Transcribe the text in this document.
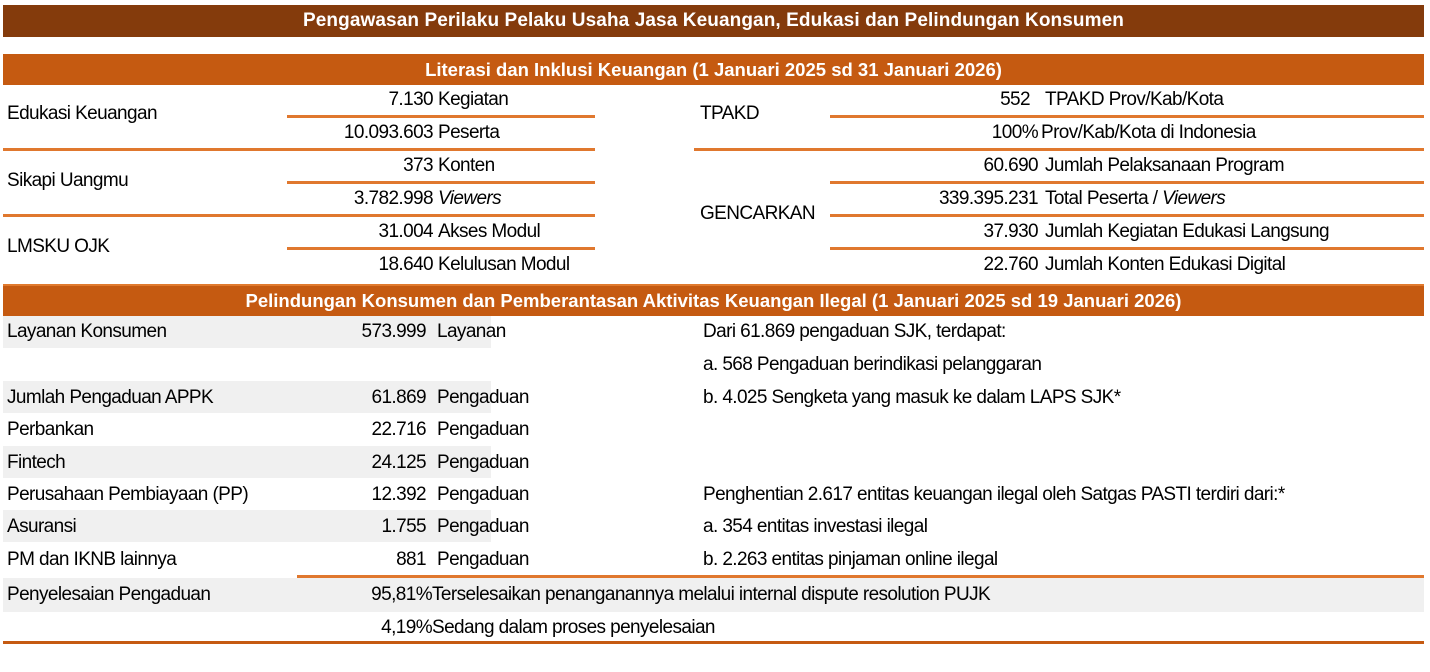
Pengawasan Perilaku Pelaku Usaha Jasa Keuangan, Edukasi dan Pelindungan Konsumen
Literasi dan Inklusi Keuangan (1 Januari 2025 sd 31 Januari 2026)
Edukasi Keuangan
7.130 Kegiatan
10.093.603 Peserta
Sikapi Uangmu
373 Konten
3.782.998 Viewers
LMSKU OJK
31.004 Akses Modul
18.640 Kelulusan Modul
TPAKD
552 TPAKD Prov/Kab/Kota
100% Prov/Kab/Kota di Indonesia
GENCARKAN
60.690 Jumlah Pelaksanaan Program
339.395.231 Total Peserta / Viewers
37.930 Jumlah Kegiatan Edukasi Langsung
22.760 Jumlah Konten Edukasi Digital
Pelindungan Konsumen dan Pemberantasan Aktivitas Keuangan Ilegal (1 Januari 2025 sd 19 Januari 2026)
Layanan Konsumen	573.999 Layanan
Jumlah Pengaduan APPK	61.869 Pengaduan
Perbankan	22.716 Pengaduan
Fintech	24.125 Pengaduan
Perusahaan Pembiayaan (PP)	12.392 Pengaduan
Asuransi	1.755 Pengaduan
PM dan IKNB lainnya	881 Pengaduan
Dari 61.869 pengaduan SJK, terdapat:
a. 568 Pengaduan berindikasi pelanggaran
b. 4.025 Sengketa yang masuk ke dalam LAPS SJK*
Penghentian 2.617 entitas keuangan ilegal oleh Satgas PASTI terdiri dari:*
a. 354 entitas investasi ilegal
b. 2.263 entitas pinjaman online ilegal
Penyelesaian Pengaduan	95,81% Terselesaikan penanganannya melalui internal dispute resolution PUJK
4,19% Sedang dalam proses penyelesaian
